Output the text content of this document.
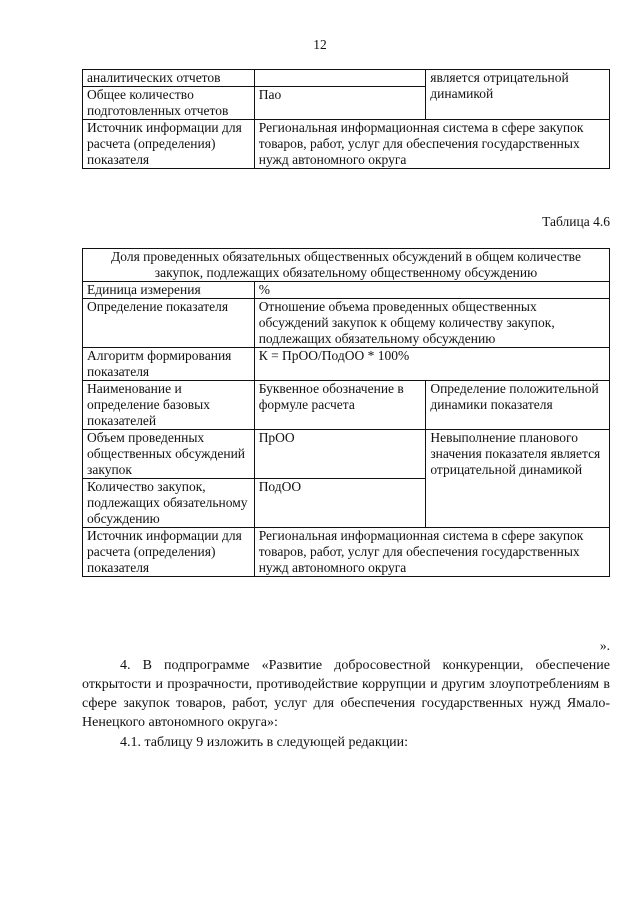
12
аналитических отчетов		является отрицательной динамикой
Общее количество подготовленных отчетов	Пао	
Источник информации для расчета (определения) показателя	Региональная информационная система в сфере закупок товаров, работ, услуг для обеспечения государственных нужд автономного округа	
Таблица 4.6
Доля проведенных обязательных общественных обсуждений в общем количестве закупок, подлежащих обязательному общественному обсуждению		
Единица измерения	%	
Определение показателя	Отношение объема проведенных общественных обсуждений закупок к общему количеству закупок, подлежащих обязательному обсуждению	
Алгоритм формирования показателя	К = ПрОО/ПодОО * 100%	
Наименование и определение базовых показателей	Буквенное обозначение в формуле расчета	Определение положительной динамики показателя
Объем проведенных общественных обсуждений закупок	ПрОО	Невыполнение планового значения показателя является отрицательной динамикой
Количество закупок, подлежащих обязательному обсуждению	ПодОО	
Источник информации для расчета (определения) показателя	Региональная информационная система в сфере закупок товаров, работ, услуг для обеспечения государственных нужд автономного округа	
».
4. В подпрограмме «Развитие добросовестной конкуренции, обеспечение открытости и прозрачности, противодействие коррупции и другим злоупотреблениям в сфере закупок товаров, работ, услуг для обеспечения государственных нужд Ямало-Ненецкого автономного округа»:
4.1. таблицу 9 изложить в следующей редакции:
